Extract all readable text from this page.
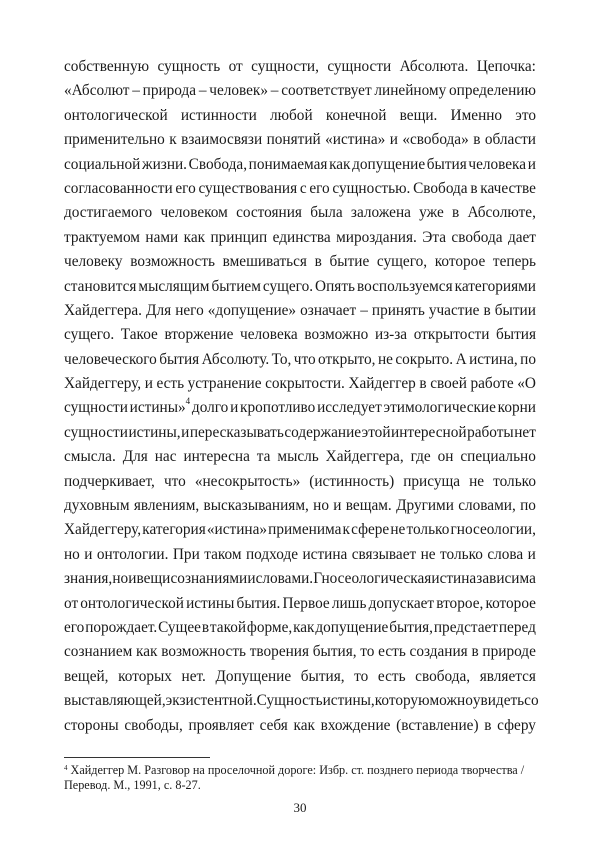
собственную сущность от сущности, сущности Абсолюта. Цепочка:
«Абсолют – природа – человек» – соответствует линейному определению
онтологической истинности любой конечной вещи. Именно это
применительно к взаимосвязи понятий «истина» и «свобода» в области
социальной жизни. Свобода, понимаемая как допущение бытия человека и
согласованности его существования с его сущностью. Свобода в качестве
достигаемого человеком состояния была заложена уже в Абсолюте,
трактуемом нами как принцип единства мироздания. Эта свобода дает
человеку возможность вмешиваться в бытие сущего, которое теперь
становится мыслящим бытием сущего. Опять воспользуемся категориями
Хайдеггера. Для него «допущение» означает – принять участие в бытии
сущего. Такое вторжение человека возможно из-за открытости бытия
человеческого бытия Абсолюту. То, что открыто, не сокрыто. А истина, по
Хайдеггеру, и есть устранение сокрытости. Хайдеггер в своей работе «О
сущности истины»$^4$ долго и кропотливо исследует этимологические корни
сущности истины, и пересказывать содержание этой интересной работы нет
смысла. Для нас интересна та мысль Хайдеггера, где он специально
подчеркивает, что «несокрытость» (истинность) присуща не только
духовным явлениям, высказываниям, но и вещам. Другими словами, по
Хайдеггеру, категория «истина» применима к сфере не только гносеологии,
но и онтологии. При таком подходе истина связывает не только слова и
знания, но и вещи со знаниями и словами. Гносеологическая истина зависима
от онтологической истины бытия. Первое лишь допускает второе, которое
его порождает. Сущее в такой форме, как допущение бытия, предстает перед
сознанием как возможность творения бытия, то есть создания в природе
вещей, которых нет. Допущение бытия, то есть свобода, является
выставляющей, экзистентной. Сущность истины, которую можно увидеть со
стороны свободы, проявляет себя как вхождение (вставление) в сферу
$^4$ Хайдеггер М. Разговор на проселочной дороге: Избр. ст. позднего периода творчества /
Перевод. М., 1991, с. 8-27.
30
